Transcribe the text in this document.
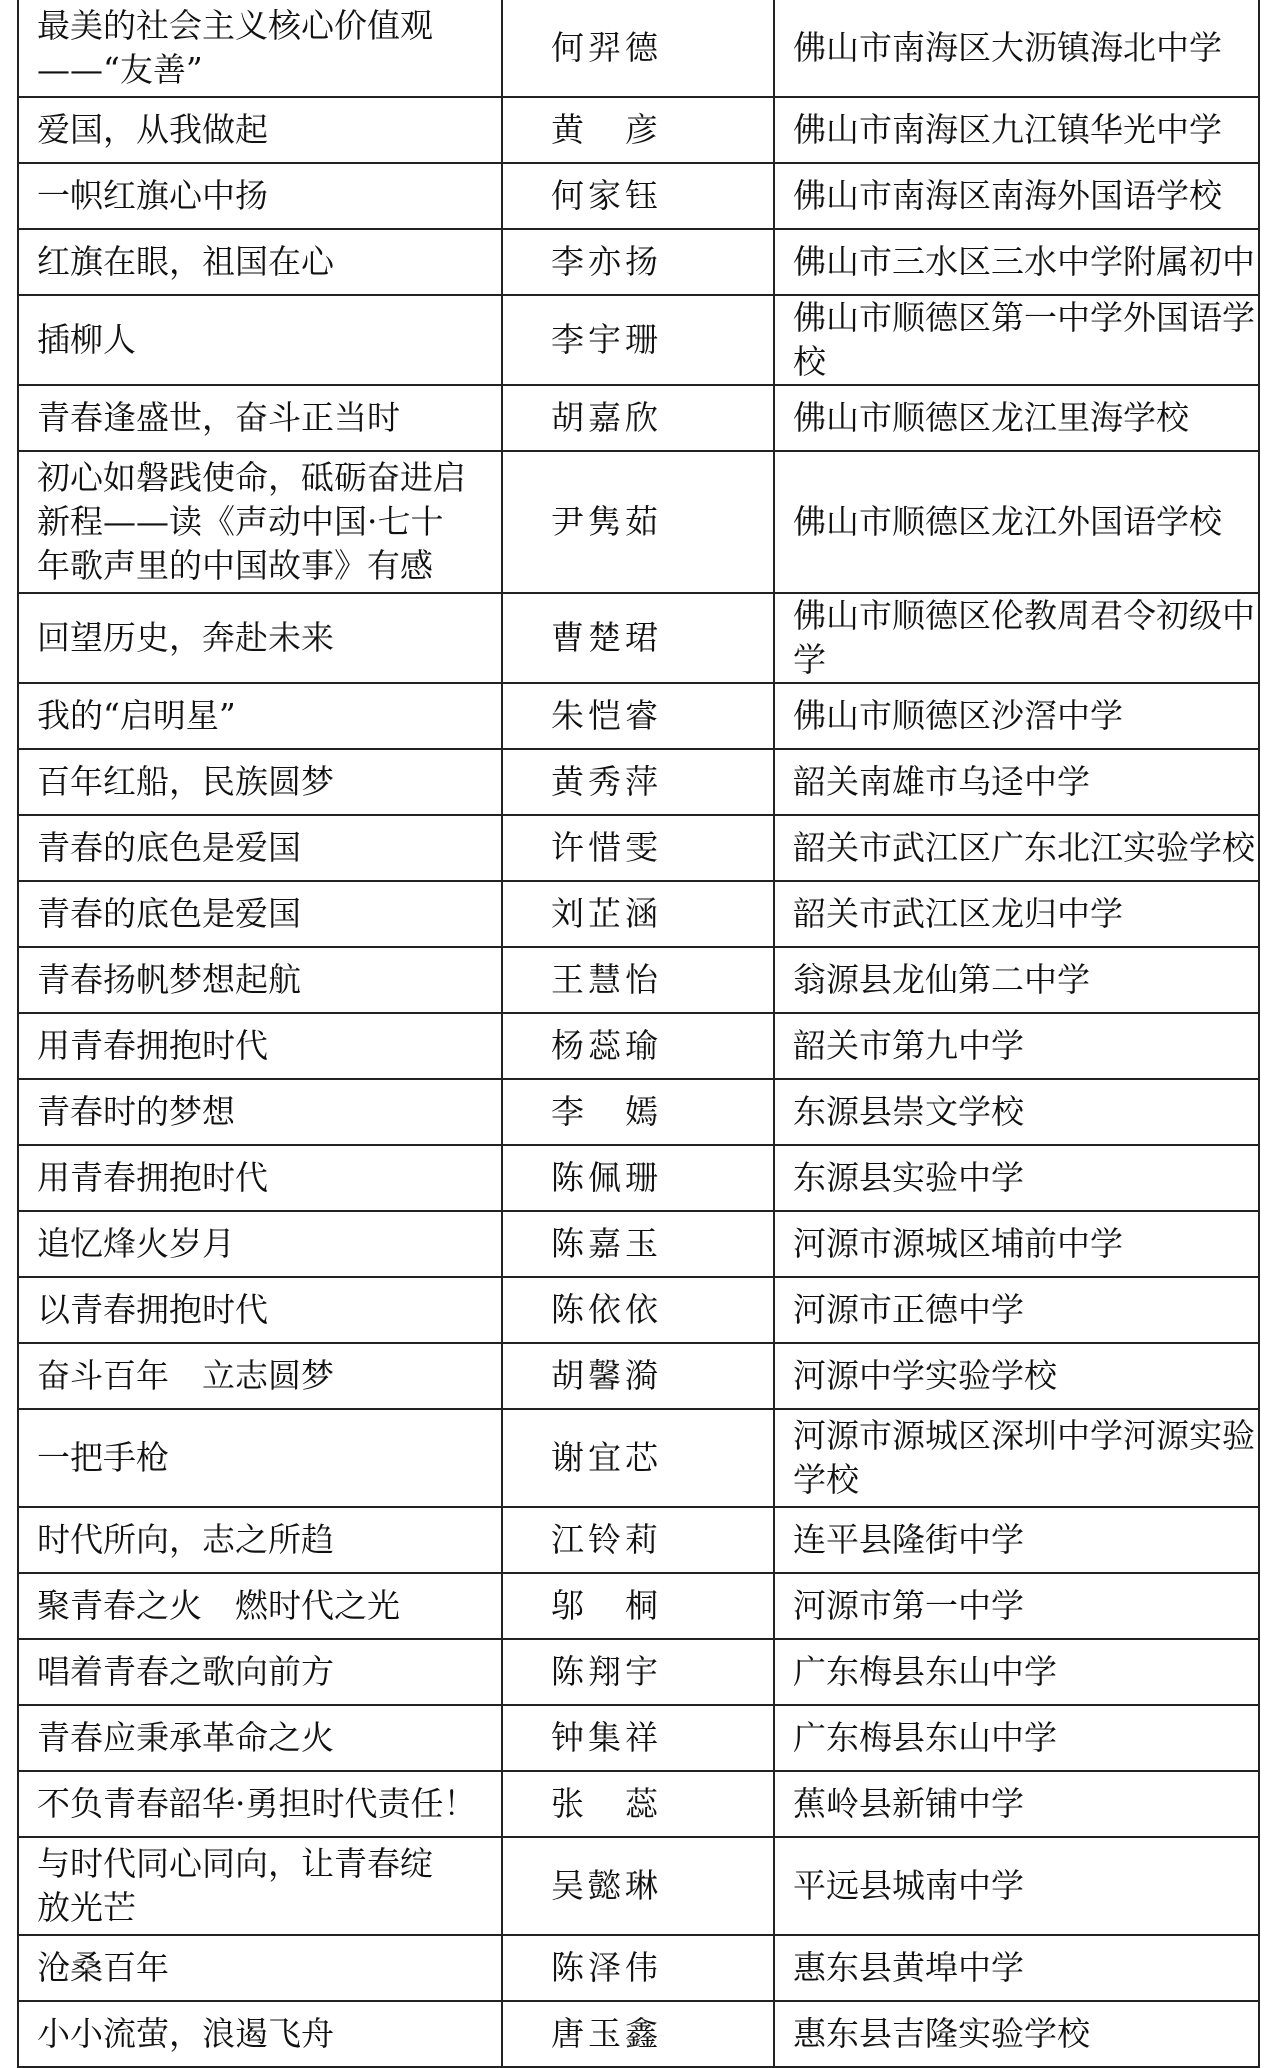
最美的社会主义核心价值观
——“友善”	何羿德	佛山市南海区大沥镇海北中学
爱国，从我做起	黄　彦	佛山市南海区九江镇华光中学
一帜红旗心中扬	何家钰	佛山市南海区南海外国语学校
红旗在眼，祖国在心	李亦扬	佛山市三水区三水中学附属初中
插柳人	李宇珊	佛山市顺德区第一中学外国语学校
青春逢盛世，奋斗正当时	胡嘉欣	佛山市顺德区龙江里海学校
初心如磐践使命，砥砺奋进启
新程——读《声动中国·七十
年歌声里的中国故事》有感	尹隽茹	佛山市顺德区龙江外国语学校
回望历史，奔赴未来	曹楚珺	佛山市顺德区伦教周君令初级中学
我的“启明星”	朱恺睿	佛山市顺德区沙滘中学
百年红船，民族圆梦	黄秀萍	韶关南雄市乌迳中学
青春的底色是爱国	许惜雯	韶关市武江区广东北江实验学校
青春的底色是爱国	刘芷涵	韶关市武江区龙归中学
青春扬帆梦想起航	王慧怡	翁源县龙仙第二中学
用青春拥抱时代	杨蕊瑜	韶关市第九中学
青春时的梦想	李　嫣	东源县崇文学校
用青春拥抱时代	陈佩珊	东源县实验中学
追忆烽火岁月	陈嘉玉	河源市源城区埔前中学
以青春拥抱时代	陈依依	河源市正德中学
奋斗百年　立志圆梦	胡馨漪	河源中学实验学校
一把手枪	谢宜芯	河源市源城区深圳中学河源实验
学校
时代所向，志之所趋	江铃莉	连平县隆街中学
聚青春之火　燃时代之光	邬　桐	河源市第一中学
唱着青春之歌向前方	陈翔宇	广东梅县东山中学
青春应秉承革命之火	钟集祥	广东梅县东山中学
不负青春韶华·勇担时代责任！	张　蕊	蕉岭县新铺中学
与时代同心同向，让青春绽
放光芒	吴懿琳	平远县城南中学
沧桑百年	陈泽伟	惠东县黄埠中学
小小流萤，浪遏飞舟	唐玉鑫	惠东县吉隆实验学校
